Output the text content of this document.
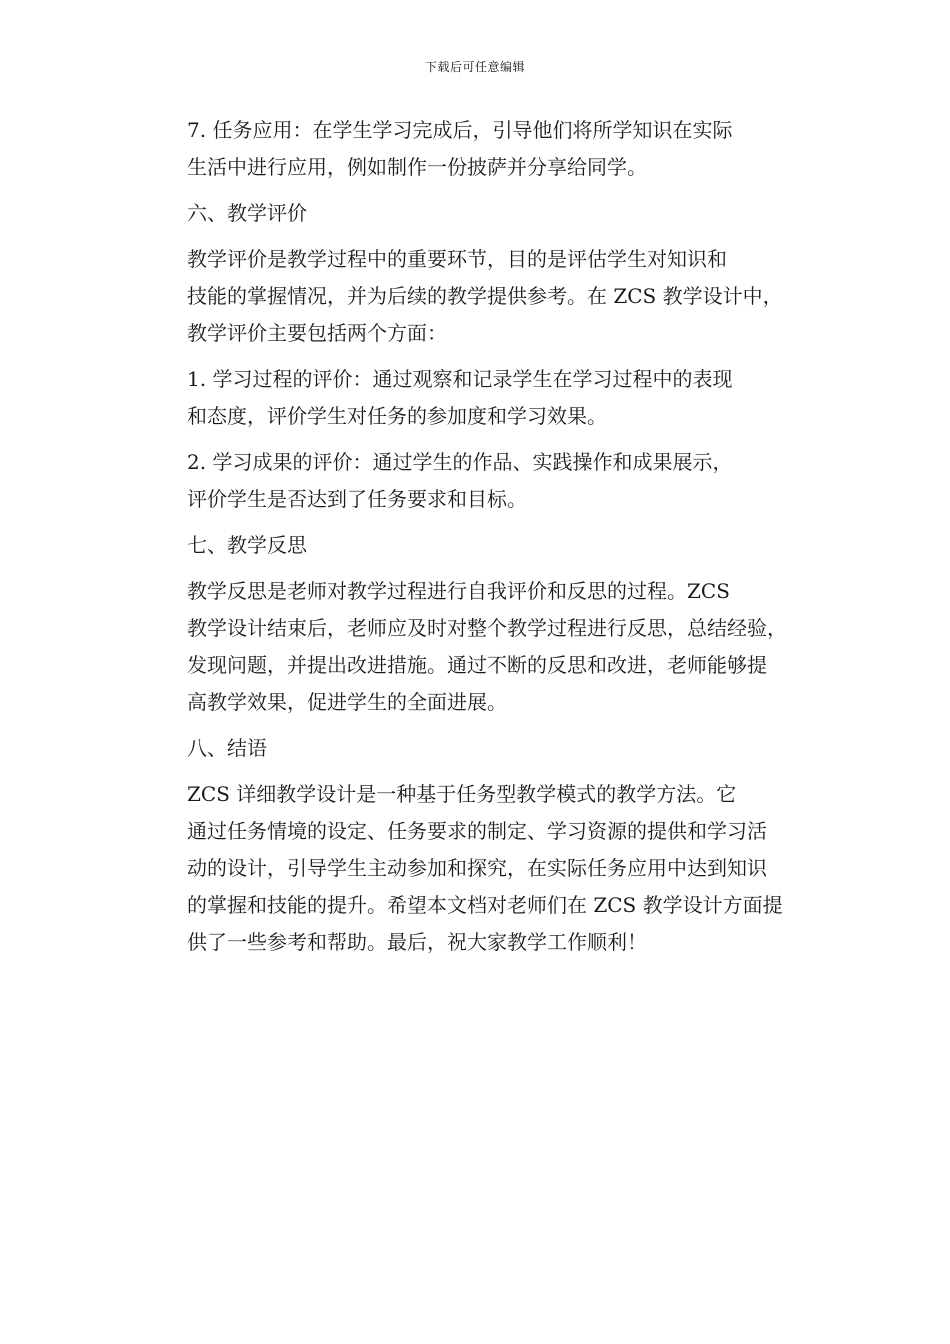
下载后可任意编辑
7. 任务应用：在学生学习完成后，引导他们将所学知识在实际
生活中进行应用，例如制作一份披萨并分享给同学。
六、教学评价
教学评价是教学过程中的重要环节，目的是评估学生对知识和
技能的掌握情况，并为后续的教学提供参考。在 ZCS 教学设计中，
教学评价主要包括两个方面：
1. 学习过程的评价：通过观察和记录学生在学习过程中的表现
和态度，评价学生对任务的参加度和学习效果。
2. 学习成果的评价：通过学生的作品、实践操作和成果展示，
评价学生是否达到了任务要求和目标。
七、教学反思
教学反思是老师对教学过程进行自我评价和反思的过程。ZCS
教学设计结束后，老师应及时对整个教学过程进行反思，总结经验，
发现问题，并提出改进措施。通过不断的反思和改进，老师能够提
高教学效果，促进学生的全面进展。
八、结语
ZCS 详细教学设计是一种基于任务型教学模式的教学方法。它
通过任务情境的设定、任务要求的制定、学习资源的提供和学习活
动的设计，引导学生主动参加和探究，在实际任务应用中达到知识
的掌握和技能的提升。希望本文档对老师们在 ZCS 教学设计方面提
供了一些参考和帮助。最后，祝大家教学工作顺利！
